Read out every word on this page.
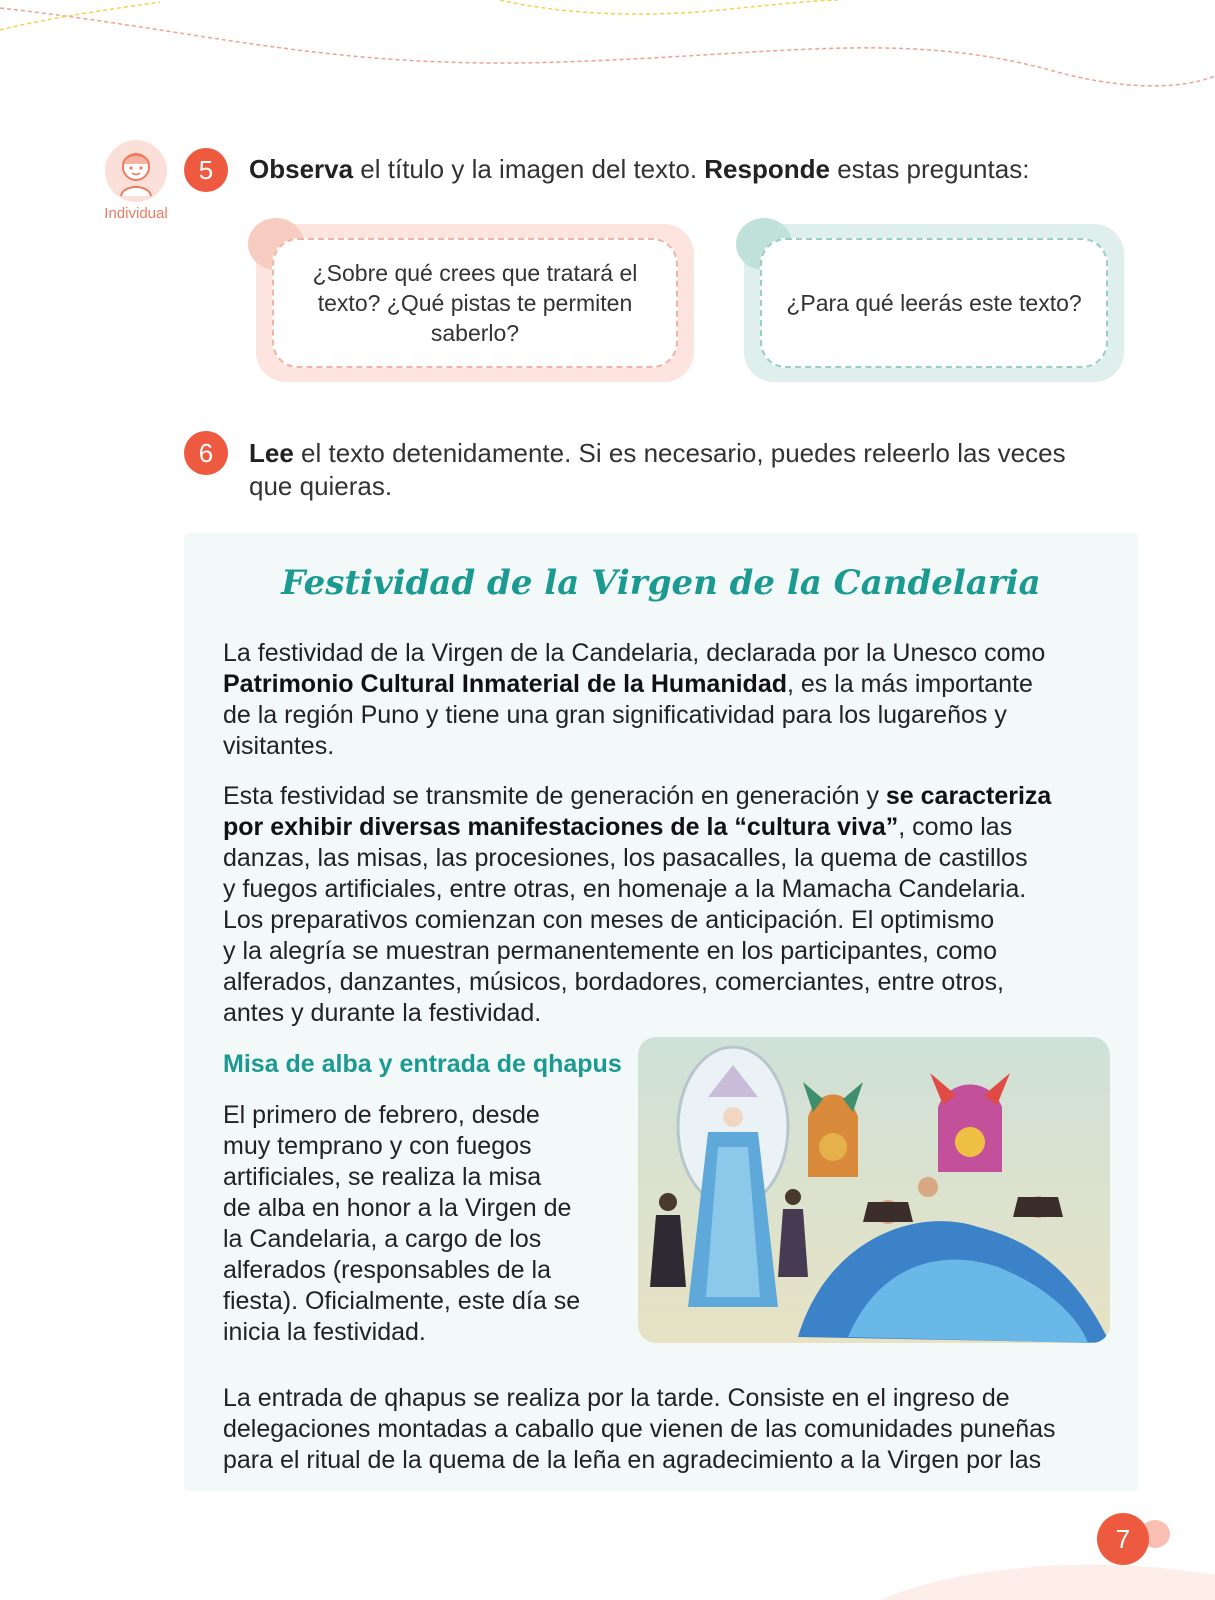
Individual
5	Observa el título y la imagen del texto. Responde estas preguntas:
¿Sobre qué crees que tratará el texto? ¿Qué pistas te permiten saberlo?
¿Para qué leerás este texto?
6	Lee el texto detenidamente. Si es necesario, puedes releerlo las veces
que quieras.
Festividad de la Virgen de la Candelaria
La festividad de la Virgen de la Candelaria, declarada por la Unesco como
Patrimonio Cultural Inmaterial de la Humanidad, es la más importante
de la región Puno y tiene una gran significatividad para los lugareños y
visitantes.
Esta festividad se transmite de generación en generación y se caracteriza
por exhibir diversas manifestaciones de la “cultura viva”, como las
danzas, las misas, las procesiones, los pasacalles, la quema de castillos
y fuegos artificiales, entre otras, en homenaje a la Mamacha Candelaria.
Los preparativos comienzan con meses de anticipación. El optimismo
y la alegría se muestran permanentemente en los participantes, como
alferados, danzantes, músicos, bordadores, comerciantes, entre otros,
antes y durante la festividad.
Misa de alba y entrada de qhapus
El primero de febrero, desde
muy temprano y con fuegos
artificiales, se realiza la misa
de alba en honor a la Virgen de
la Candelaria, a cargo de los
alferados (responsables de la
fiesta). Oficialmente, este día se
inicia la festividad.
La entrada de qhapus se realiza por la tarde. Consiste en el ingreso de
delegaciones montadas a caballo que vienen de las comunidades puneñas
para el ritual de la quema de la leña en agradecimiento a la Virgen por las
7
